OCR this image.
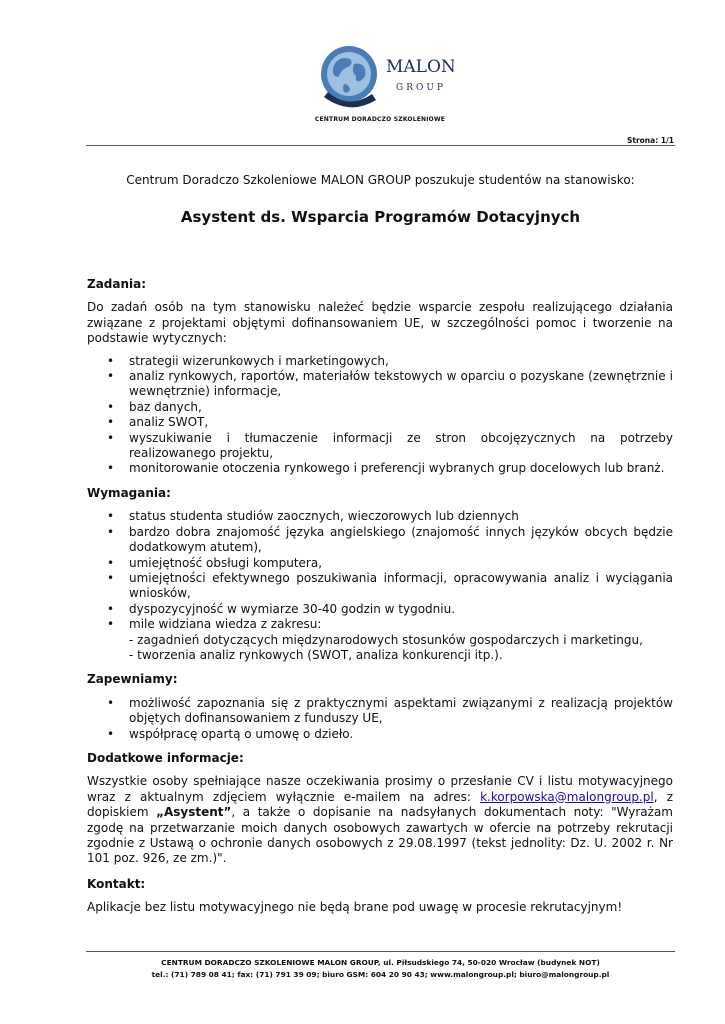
MALON
GROUP
CENTRUM DORADCZO SZKOLENIOWE
Strona: 1/1
Centrum Doradczo Szkoleniowe MALON GROUP poszukuje studentów na stanowisko:
Asystent ds. Wsparcia Programów Dotacyjnych
Zadania:

Do zadań osób na tym stanowisku należeć będzie wsparcie zespołu realizującego działania związane z projektami objętymi dofinansowaniem UE, w szczególności pomoc i tworzenie na podstawie wytycznych:

• strategii wizerunkowych i marketingowych,
• analiz rynkowych, raportów, materiałów tekstowych w oparciu o pozyskane (zewnętrznie i wewnętrznie) informacje,
• baz danych,
• analiz SWOT,
• wyszukiwanie i tłumaczenie informacji ze stron obcojęzycznych na potrzeby realizowanego projektu,
• monitorowanie otoczenia rynkowego i preferencji wybranych grup docelowych lub branż.
Wymagania:
• status studenta studiów zaocznych, wieczorowych lub dziennych
• bardzo dobra znajomość języka angielskiego (znajomość innych języków obcych będzie dodatkowym atutem),
• umiejętność obsługi komputera,
• umiejętności efektywnego poszukiwania informacji, opracowywania analiz i wyciągania wniosków,
• dyspozycyjność w wymiarze 30-40 godzin w tygodniu.
• mile widziana wiedza z zakresu:
- zagadnień dotyczących międzynarodowych stosunków gospodarczych i marketingu,
- tworzenia analiz rynkowych (SWOT, analiza konkurencji itp.).
Zapewniamy:
• możliwość zapoznania się z praktycznymi aspektami związanymi z realizacją projektów objętych dofinansowaniem z funduszy UE,
• współpracę opartą o umowę o dzieło.
Dodatkowe informacje:

Wszystkie osoby spełniające nasze oczekiwania prosimy o przesłanie CV i listu motywacyjnego wraz z aktualnym zdjęciem wyłącznie e-mailem na adres: k.korpowska@malongroup.pl, z dopiskiem „Asystent”, a także o dopisanie na nadsyłanych dokumentach noty: "Wyrażam zgodę na przetwarzanie moich danych osobowych zawartych w ofercie na potrzeby rekrutacji zgodnie z Ustawą o ochronie danych osobowych z 29.08.1997 (tekst jednolity: Dz. U. 2002 r. Nr 101 poz. 926, ze zm.)".

Kontakt:

Aplikacje bez listu motywacyjnego nie będą brane pod uwagę w procesie rekrutacyjnym!

CENTRUM DORADCZO SZKOLENIOWE MALON GROUP, ul. Piłsudskiego 74, 50-020 Wrocław (budynek NOT)
tel.: (71) 789 08 41; fax: (71) 791 39 09; biuro GSM: 604 20 90 43; www.malongroup.pl; biuro@malongroup.pl
